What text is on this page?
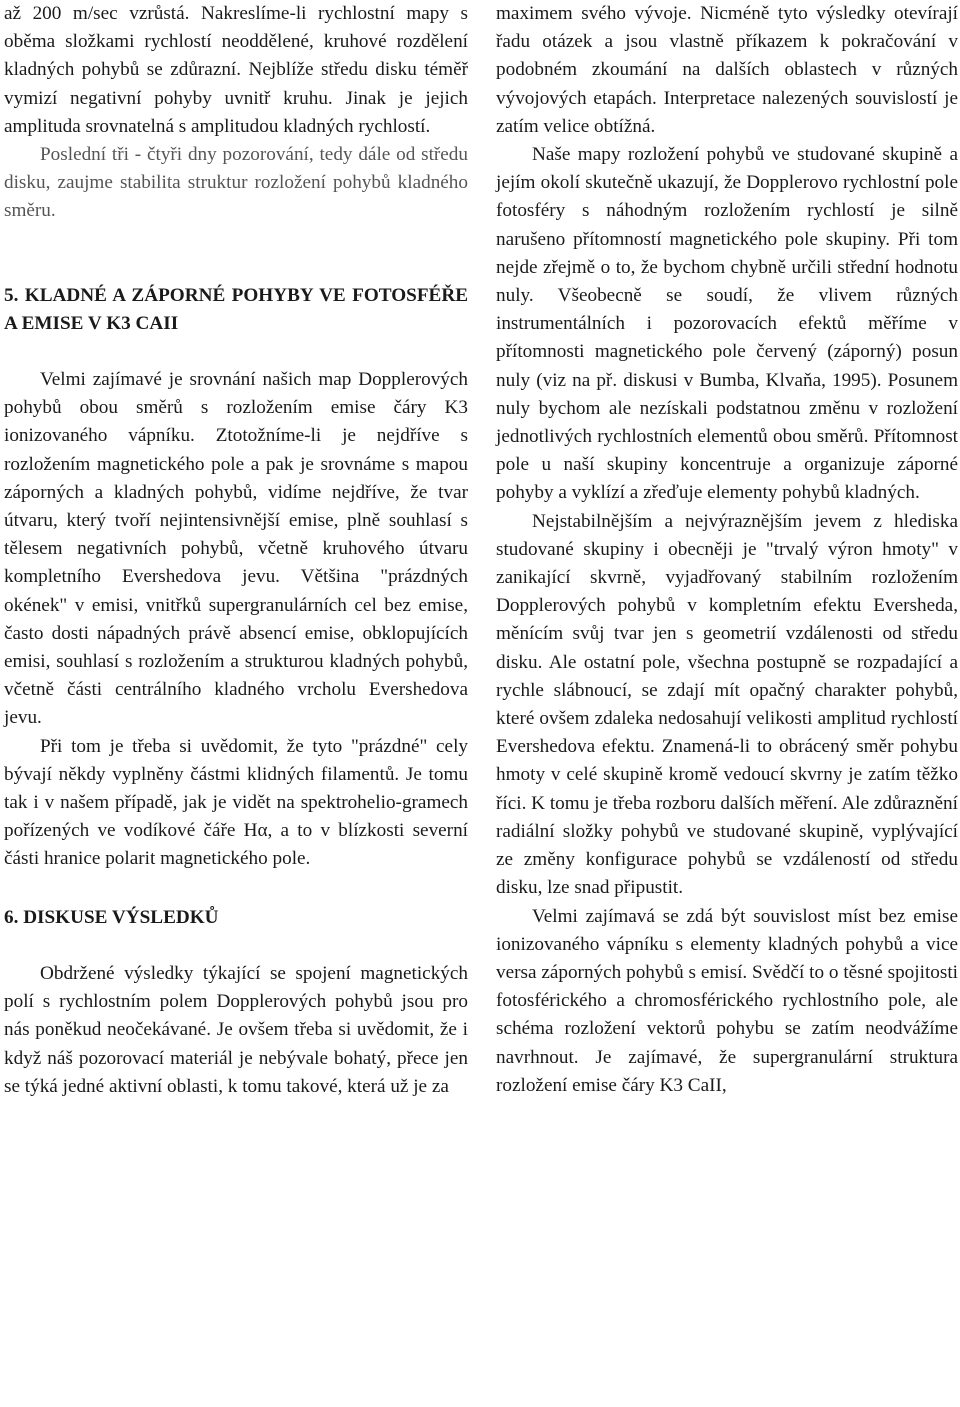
až 200 m/sec vzrůstá. Nakreslíme-li rychlostní mapy s oběma složkami rychlostí neoddělené, kruhové rozdělení kladných pohybů se zdůrazní. Nejblíže středu disku téměř vymizí negativní pohyby uvnitř kruhu. Jinak je jejich amplituda srovnatelná s amplitudou kladných rychlostí.

Poslední tři - čtyři dny pozorování, tedy dále od středu disku, zaujme stabilita struktur rozložení pohybů kladného směru.

5. KLADNÉ A ZÁPORNÉ POHYBY VE FOTOSFÉŘE A EMISE V K3 CAII

Velmi zajímavé je srovnání našich map Dopplerových pohybů obou směrů s rozložením emise čáry K3 ionizovaného vápníku. Ztotožníme-li je nejdříve s rozložením magnetického pole a pak je srovnáme s mapou záporných a kladných pohybů, vidíme nejdříve, že tvar útvaru, který tvoří nejintensivnější emise, plně souhlasí s tělesem negativních pohybů, včetně kruhového útvaru kompletního Evershedova jevu. Většina "prázdných okének" v emisi, vnitřků supergranulárních cel bez emise, často dosti nápadných právě absencí emise, obklopujících emisi, souhlasí s rozložením a strukturou kladných pohybů, včetně části centrálního kladného vrcholu Evershedova jevu.

Při tom je třeba si uvědomit, že tyto "prázdné" cely bývají někdy vyplněny částmi klidných filamentů. Je tomu tak i v našem případě, jak je vidět na spektrohelio-gramech pořízených ve vodíkové čáře Hα, a to v blízkosti severní části hranice polarit magnetického pole.

6. DISKUSE VÝSLEDKŮ

Obdržené výsledky týkající se spojení magnetických polí s rychlostním polem Dopplerových pohybů jsou pro nás poněkud neočekávané. Je ovšem třeba si uvědomit, že i když náš pozorovací materiál je nebývale bohatý, přece jen se týká jedné aktivní oblasti, k tomu takové, která už je za

maximem svého vývoje. Nicméně tyto výsledky otevírají řadu otázek a jsou vlastně příkazem k pokračování v podobném zkoumání na dalších oblastech v různých vývojových etapách. Interpretace nalezených souvislostí je zatím velice obtížná.

Naše mapy rozložení pohybů ve studované skupině a jejím okolí skutečně ukazují, že Dopplerovo rychlostní pole fotosféry s náhodným rozložením rychlostí je silně narušeno přítomností magnetického pole skupiny. Při tom nejde zřejmě o to, že bychom chybně určili střední hodnotu nuly. Všeobecně se soudí, že vlivem různých instrumentálních i pozorovacích efektů měříme v přítomnosti magnetického pole červený (záporný) posun nuly (viz na př. diskusi v Bumba, Klvaňa, 1995). Posunem nuly bychom ale nezískali podstatnou změnu v rozložení jednotlivých rychlostních elementů obou směrů. Přítomnost pole u naší skupiny koncentruje a organizuje záporné pohyby a vyklízí a zřeďuje elementy pohybů kladných.

Nejstabilnějším a nejvýraznějším jevem z hlediska studované skupiny i obecněji je "trvalý výron hmoty" v zanikající skvrně, vyjadřovaný stabilním rozložením Dopplerových pohybů v kompletním efektu Eversheda, měnícím svůj tvar jen s geometrií vzdálenosti od středu disku. Ale ostatní pole, všechna postupně se rozpadající a rychle slábnoucí, se zdají mít opačný charakter pohybů, které ovšem zdaleka nedosahují velikosti amplitud rychlostí Evershedova efektu. Znamená-li to obrácený směr pohybu hmoty v celé skupině kromě vedoucí skvrny je zatím těžko říci. K tomu je třeba rozboru dalších měření. Ale zdůraznění radiální složky pohybů ve studované skupině, vyplývající ze změny konfigurace pohybů se vzdáleností od středu disku, lze snad připustit.

Velmi zajímavá se zdá být souvislost míst bez emise ionizovaného vápníku s elementy kladných pohybů a vice versa záporných pohybů s emisí. Svědčí to o těsné spojitosti fotosférického a chromosférického rychlostního pole, ale schéma rozložení vektorů pohybu se zatím neodvážíme navrhnout. Je zajímavé, že supergranulární struktura rozložení emise čáry K3 CaII,
